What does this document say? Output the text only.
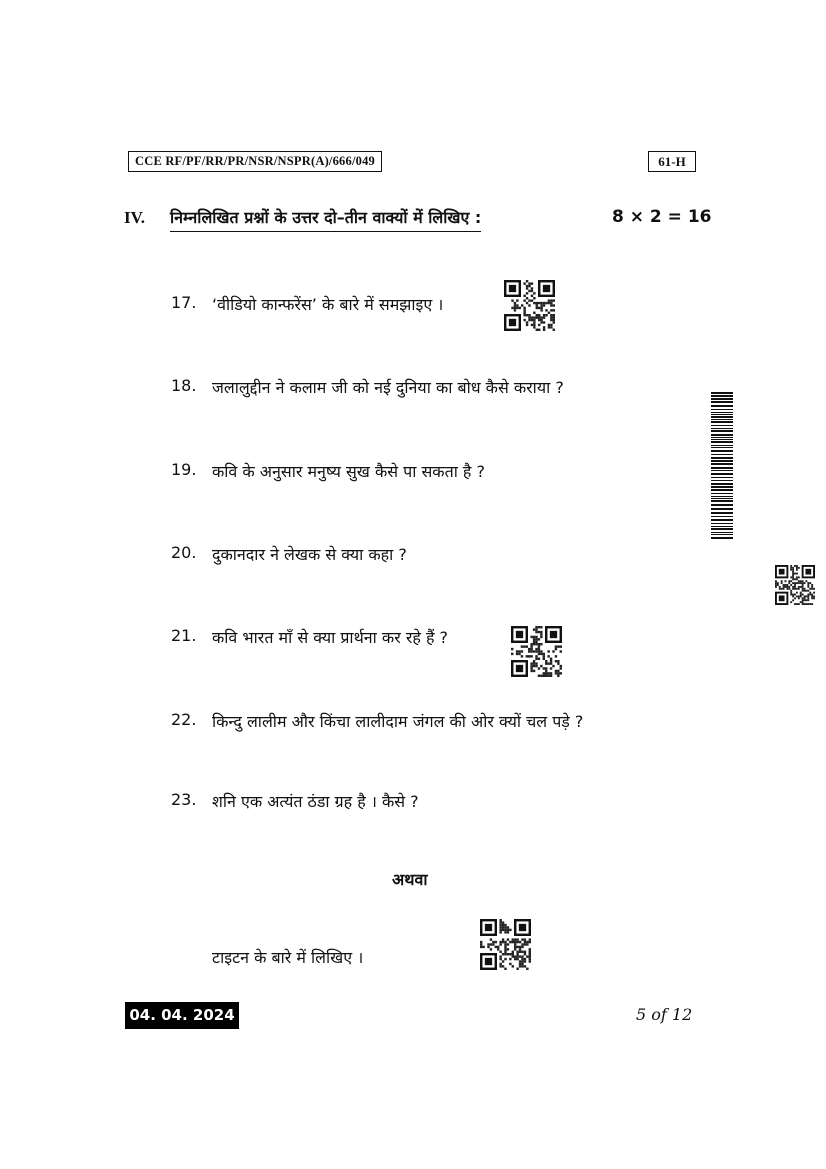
CCE RF/PF/RR/PR/NSR/NSPR(A)/666/049	61-H
IV. निम्नलिखित प्रश्नों के उत्तर दो–तीन वाक्यों में लिखिए :	8 × 2 = 16
17. ‘वीडियो कान्फरेंस’ के बारे में समझाइए ।
18. जलालुद्दीन ने कलाम जी को नई दुनिया का बोध कैसे कराया ?
19. कवि के अनुसार मनुष्य सुख कैसे पा सकता है ?
20. दुकानदार ने लेखक से क्या कहा ?
21. कवि भारत माँ से क्या प्रार्थना कर रहे हैं ?
22. किन्दु लालीम और किंचा लालीदाम जंगल की ओर क्यों चल पड़े ?
23. शनि एक अत्यंत ठंडा ग्रह है । कैसे ?
अथवा
टाइटन के बारे में लिखिए ।
04. 04. 2024	5 of 12
